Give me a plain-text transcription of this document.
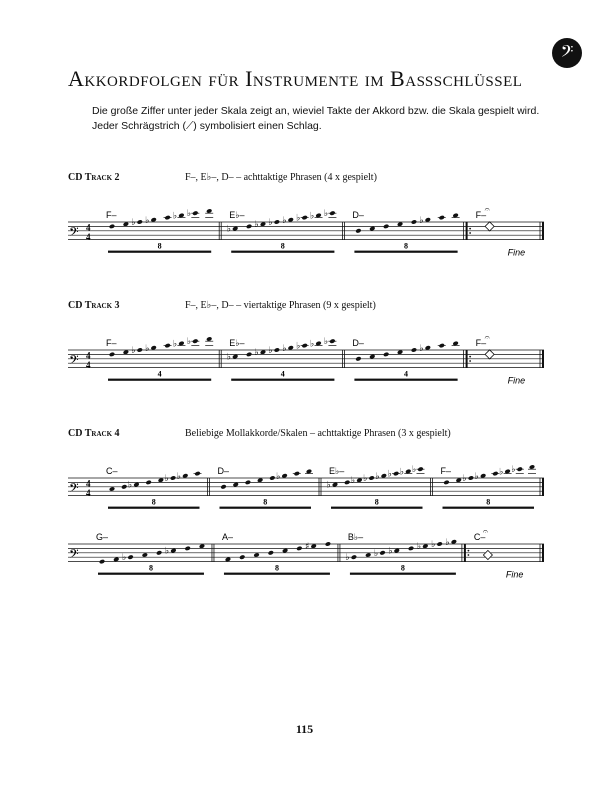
𝄢
Akkordfolgen für Instrumente im Baßschlüssel

Die große Ziffer unter jeder Skala zeigt an, wieviel Takte der Akkord bzw. die Skala gespielt wird. Jeder Schrägstrich (⟋) symbolisiert einen Schlag.

CD Track 2	F–, E♭–, D– – achttaktige Phrasen (4 x gespielt)
𝄢 4
4
F–
♭ ♭	♭ ♭
8
E♭–
♭	♭ ♭ ♭ ♭ ♭ ♭
8
D–
♭
8
F–
𝄐
Fine
CD Track 3	F–, E♭–, D– – viertaktige Phrasen (9 x gespielt)
𝄢 4
4
F–
♭ ♭	♭ ♭
4
E♭–
♭	♭ ♭ ♭ ♭ ♭ ♭
4
D–
♭
4
F–
𝄐
Fine
CD Track 4	Beliebige Mollakkorde/Skalen – achttaktige Phrasen (3 x gespielt)
𝄢 4
4
C–
♭
♭ ♭
8
D–
♭
8
E♭–
♭ ♭ ♭ ♭ ♭ ♭ ♭
8
F–
♭ ♭ ♭ ♭
8
𝄢
G–
♭
♭
8
A–
♯
8
B♭–
♭	♭ ♭	♭ ♭ ♭
8
C–
𝄐
Fine
115
